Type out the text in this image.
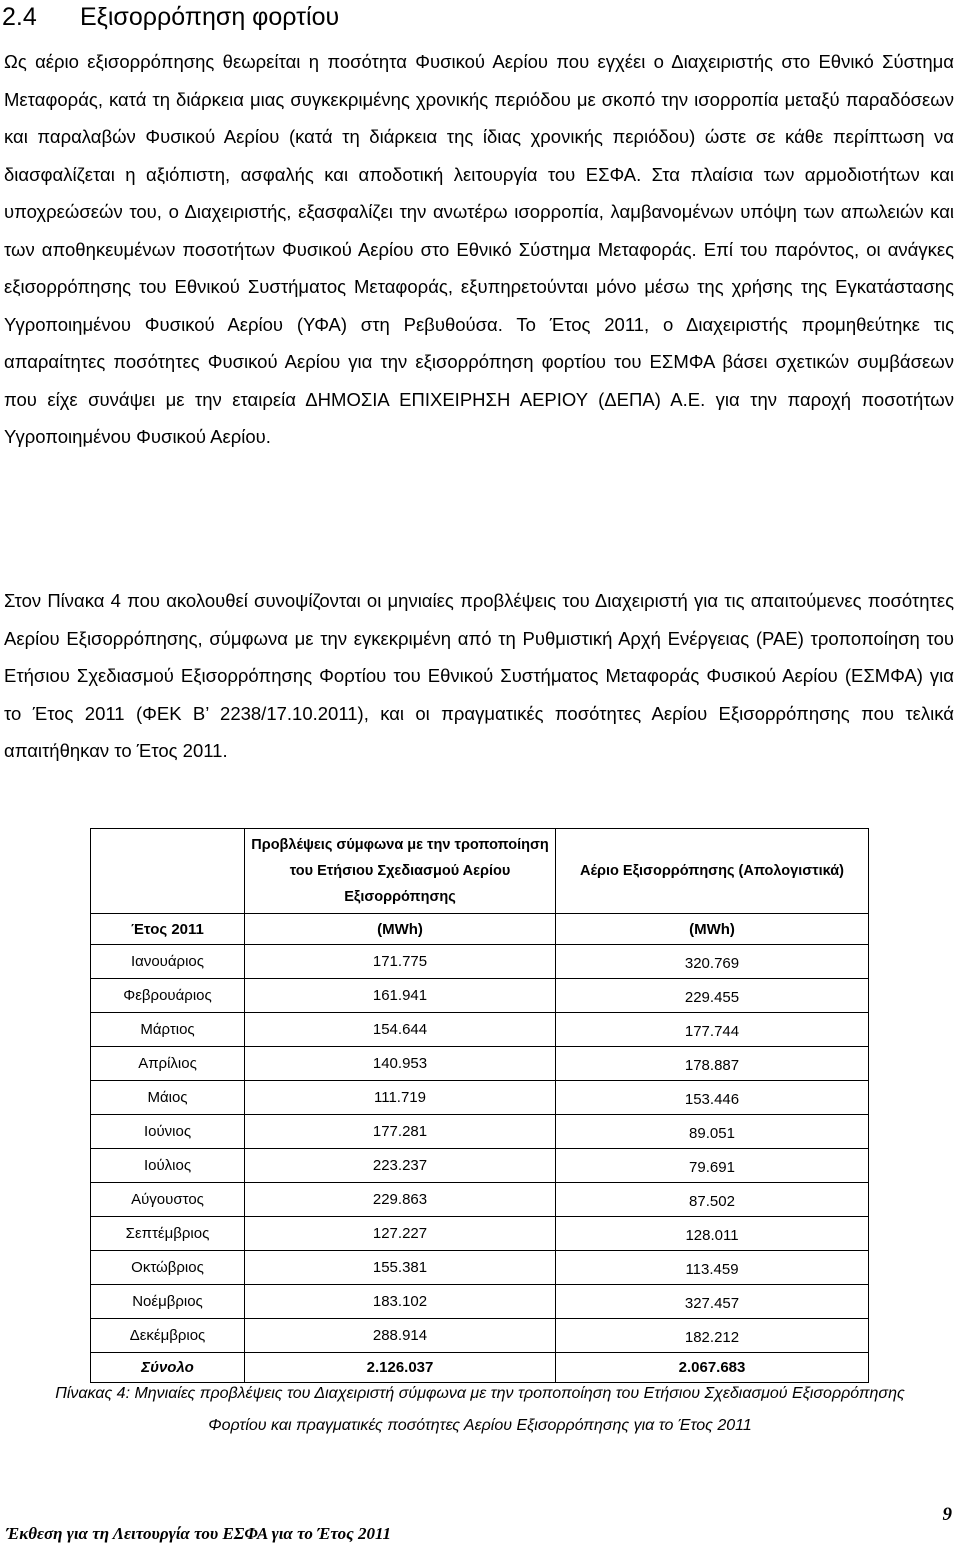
2.4 Εξισορρόπηση φορτίου

Ως αέριο εξισορρόπησης θεωρείται η ποσότητα Φυσικού Αερίου που εγχέει ο Διαχειριστής στο Εθνικό Σύστημα Μεταφοράς, κατά τη διάρκεια μιας συγκεκριμένης χρονικής περιόδου με σκοπό την ισορροπία μεταξύ παραδόσεων και παραλαβών Φυσικού Αερίου (κατά τη διάρκεια της ίδιας χρονικής περιόδου) ώστε σε κάθε περίπτωση να διασφαλίζεται η αξιόπιστη, ασφαλής και αποδοτική λειτουργία του ΕΣΦΑ. Στα πλαίσια των αρμοδιοτήτων και υποχρεώσεών του, ο Διαχειριστής, εξασφαλίζει την ανωτέρω ισορροπία, λαμβανομένων υπόψη των απωλειών και των αποθηκευμένων ποσοτήτων Φυσικού Αερίου στο Εθνικό Σύστημα Μεταφοράς. Επί του παρόντος, οι ανάγκες εξισορρόπησης του Εθνικού Συστήματος Μεταφοράς, εξυπηρετούνται μόνο μέσω της χρήσης της Εγκατάστασης Υγροποιημένου Φυσικού Αερίου (ΥΦΑ) στη Ρεβυθούσα. Το Έτος 2011, ο Διαχειριστής προμηθεύτηκε τις απαραίτητες ποσότητες Φυσικού Αερίου για την εξισορρόπηση φορτίου του ΕΣΜΦΑ βάσει σχετικών συμβάσεων που είχε συνάψει με την εταιρεία ΔΗΜΟΣΙΑ ΕΠΙΧΕΙΡΗΣΗ ΑΕΡΙΟΥ (ΔΕΠΑ) Α.Ε. για την παροχή ποσοτήτων Υγροποιημένου Φυσικού Αερίου.

Στον Πίνακα 4 που ακολουθεί συνοψίζονται οι μηνιαίες προβλέψεις του Διαχειριστή για τις απαιτούμενες ποσότητες Αερίου Εξισορρόπησης, σύμφωνα με την εγκεκριμένη από τη Ρυθμιστική Αρχή Ενέργειας (ΡΑΕ) τροποποίηση του Ετήσιου Σχεδιασμού Εξισορρόπησης Φορτίου του Εθνικού Συστήματος Μεταφοράς Φυσικού Αερίου (ΕΣΜΦΑ) για το Έτος 2011 (ΦΕΚ Β’ 2238/17.10.2011), και οι πραγματικές ποσότητες Αερίου Εξισορρόπησης που τελικά απαιτήθηκαν το Έτος 2011.

	Προβλέψεις σύμφωνα με την τροποποίηση του Ετήσιου Σχεδιασμού Αερίου Εξισορρόπησης	Αέριο Εξισορρόπησης (Απολογιστικά)
Έτος 2011	(MWh)	(MWh)
Ιανουάριος	171.775	320.769
Φεβρουάριος	161.941	229.455
Μάρτιος	154.644	177.744
Απρίλιος	140.953	178.887
Μάιος	111.719	153.446
Ιούνιος	177.281	89.051
Ιούλιος	223.237	79.691
Αύγουστος	229.863	87.502
Σεπτέμβριος	127.227	128.011
Οκτώβριος	155.381	113.459
Νοέμβριος	183.102	327.457
Δεκέμβριος	288.914	182.212
Σύνολο	2.126.037	2.067.683
Πίνακας 4: Μηνιαίες προβλέψεις του Διαχειριστή σύμφωνα με την τροποποίηση του Ετήσιου Σχεδιασμού Εξισορρόπησης
Φορτίου και πραγματικές ποσότητες Αερίου Εξισορρόπησης για το Έτος 2011
9
Έκθεση για τη Λειτουργία του ΕΣΦΑ για το Έτος 2011
